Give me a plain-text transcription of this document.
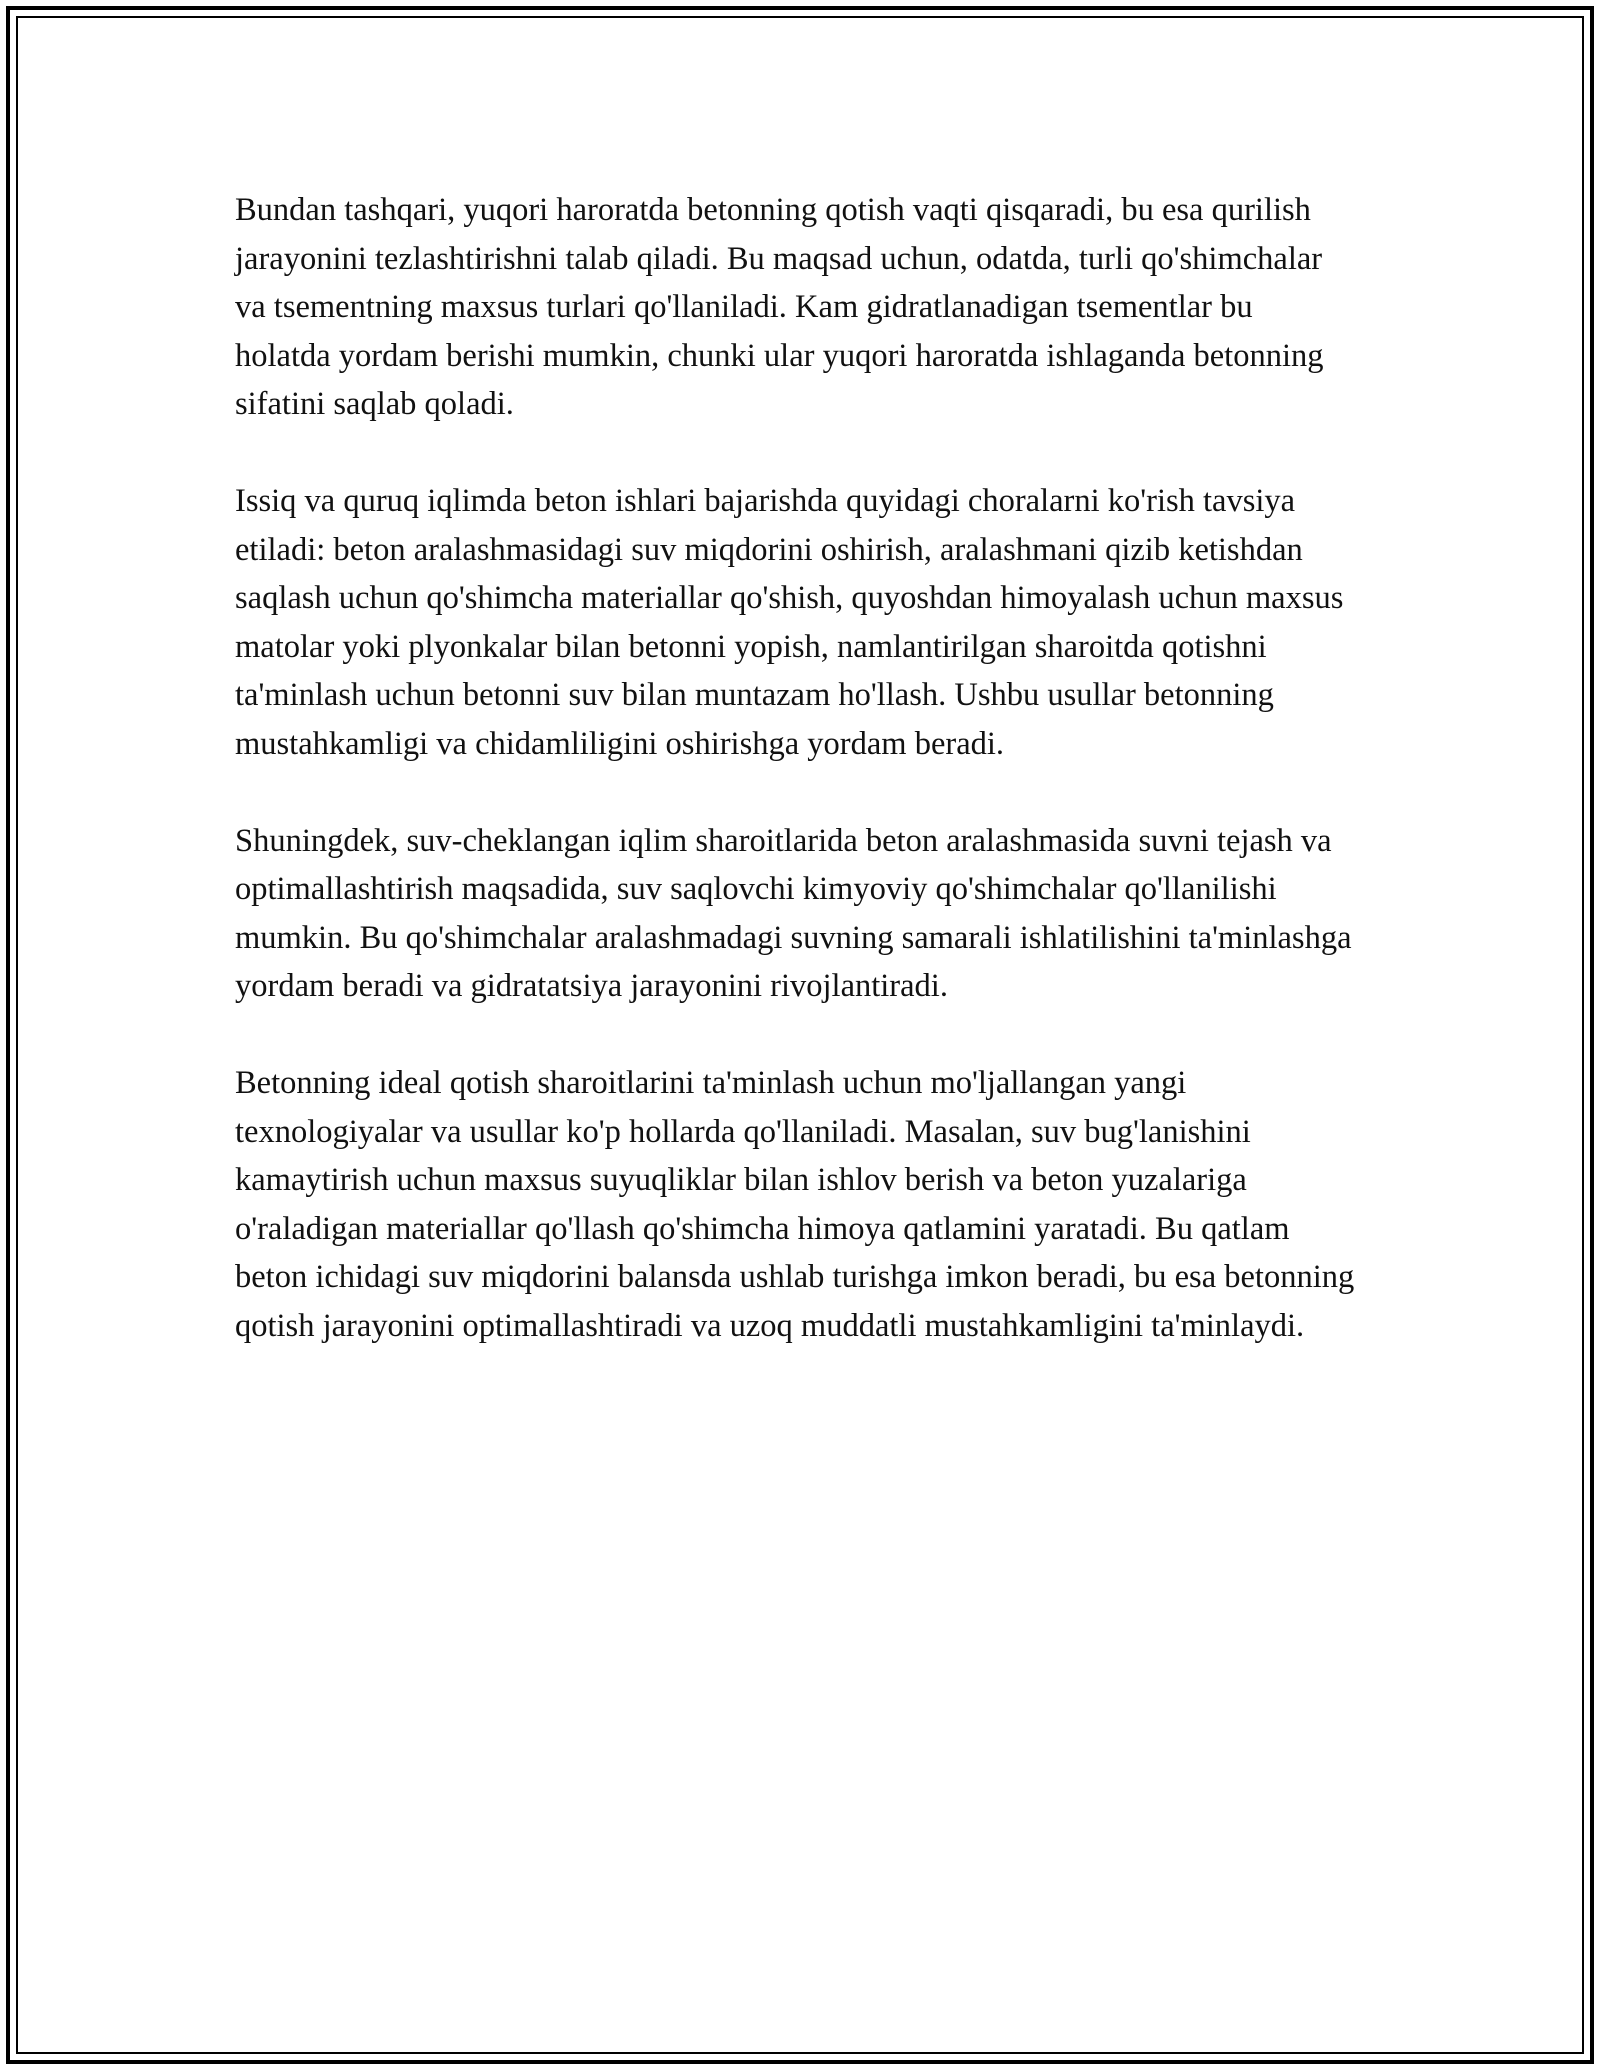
Bundan tashqari, yuqori haroratda betonning qotish vaqti qisqaradi, bu esa qurilish jarayonini tezlashtirishni talab qiladi. Bu maqsad uchun, odatda, turli qo'shimchalar va tsementning maxsus turlari qo'llaniladi. Kam gidratlanadigan tsementlar bu holatda yordam berishi mumkin, chunki ular yuqori haroratda ishlaganda betonning sifatini saqlab qoladi.

Issiq va quruq iqlimda beton ishlari bajarishda quyidagi choralarni ko'rish tavsiya etiladi: beton aralashmasidagi suv miqdorini oshirish, aralashmani qizib ketishdan saqlash uchun qo'shimcha materiallar qo'shish, quyoshdan himoyalash uchun maxsus matolar yoki plyonkalar bilan betonni yopish, namlantirilgan sharoitda qotishni ta'minlash uchun betonni suv bilan muntazam ho'llash. Ushbu usullar betonning mustahkamligi va chidamliligini oshirishga yordam beradi.

Shuningdek, suv-cheklangan iqlim sharoitlarida beton aralashmasida suvni tejash va optimallashtirish maqsadida, suv saqlovchi kimyoviy qo'shimchalar qo'llanilishi mumkin. Bu qo'shimchalar aralashmadagi suvning samarali ishlatilishini ta'minlashga yordam beradi va gidratatsiya jarayonini rivojlantiradi.

Betonning ideal qotish sharoitlarini ta'minlash uchun mo'ljallangan yangi texnologiyalar va usullar ko'p hollarda qo'llaniladi. Masalan, suv bug'lanishini kamaytirish uchun maxsus suyuqliklar bilan ishlov berish va beton yuzalariga o'raladigan materiallar qo'llash qo'shimcha himoya qatlamini yaratadi. Bu qatlam beton ichidagi suv miqdorini balansda ushlab turishga imkon beradi, bu esa betonning qotish jarayonini optimallashtiradi va uzoq muddatli mustahkamligini ta'minlaydi.
